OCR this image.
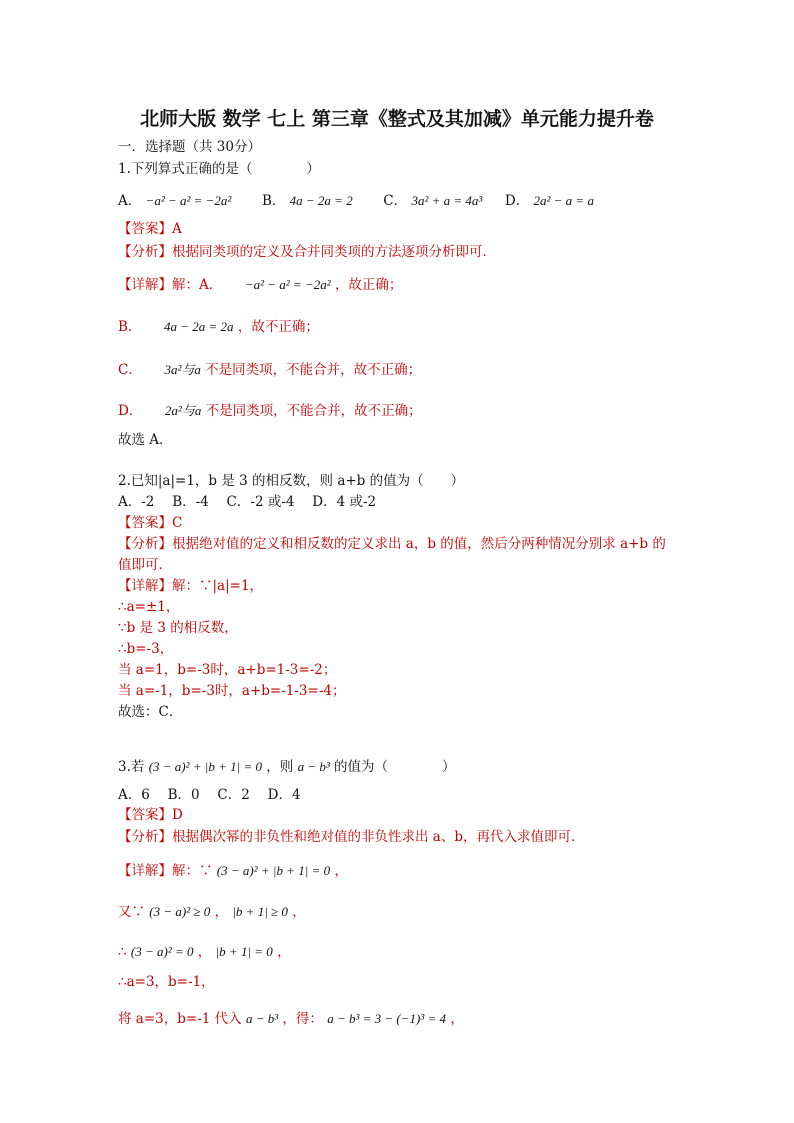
北师大版 数学 七上 第三章《整式及其加减》单元能力提升卷
一．选择题（共 30分）
1.下列算式正确的是（　　　　）
A． −a² − a² = −2a² B． 4a − 2a = 2 C． 3a² + a = 4a³ D． 2a² − a = a
【答案】A
【分析】根据同类项的定义及合并同类项的方法逐项分析即可．
【详解】解：A． −a² − a² = −2a² ，故正确；
B． 4a − 2a = 2a ，故不正确；
C． 3a²与a 不是同类项，不能合并，故不正确；
D． 2a²与a 不是同类项，不能合并，故不正确；
故选 A．
2.已知|a|=1，b 是 3 的相反数，则 a+b 的值为（　　）
A．-2　 B．-4　 C．-2 或-4　 D．4 或-2
【答案】C
【分析】根据绝对值的定义和相反数的定义求出 a，b 的值，然后分两种情况分别求 a+b 的
值即可．
【详解】解：∵|a|=1，
∴a=±1，
∵b 是 3 的相反数，
∴b=-3，
当 a=1，b=-3时，a+b=1-3=-2；
当 a=-1，b=-3时，a+b=-1-3=-4；
故选：C．
3.若 (3 − a)² + |b + 1| = 0 ，则 a − b³ 的值为（　　　　）
A．6　 B．0　 C．2　 D．4
【答案】D
【分析】根据偶次幂的非负性和绝对值的非负性求出 a、b，再代入求值即可．
【详解】解：∵ (3 − a)² + |b + 1| = 0 ，
又∵ (3 − a)² ≥ 0 ， |b + 1| ≥ 0 ，
∴ (3 − a)² = 0 ， |b + 1| = 0 ，
∴a=3，b=-1，
将 a=3，b=-1 代入 a − b³ ，得： a − b³ = 3 − (−1)³ = 4 ，
